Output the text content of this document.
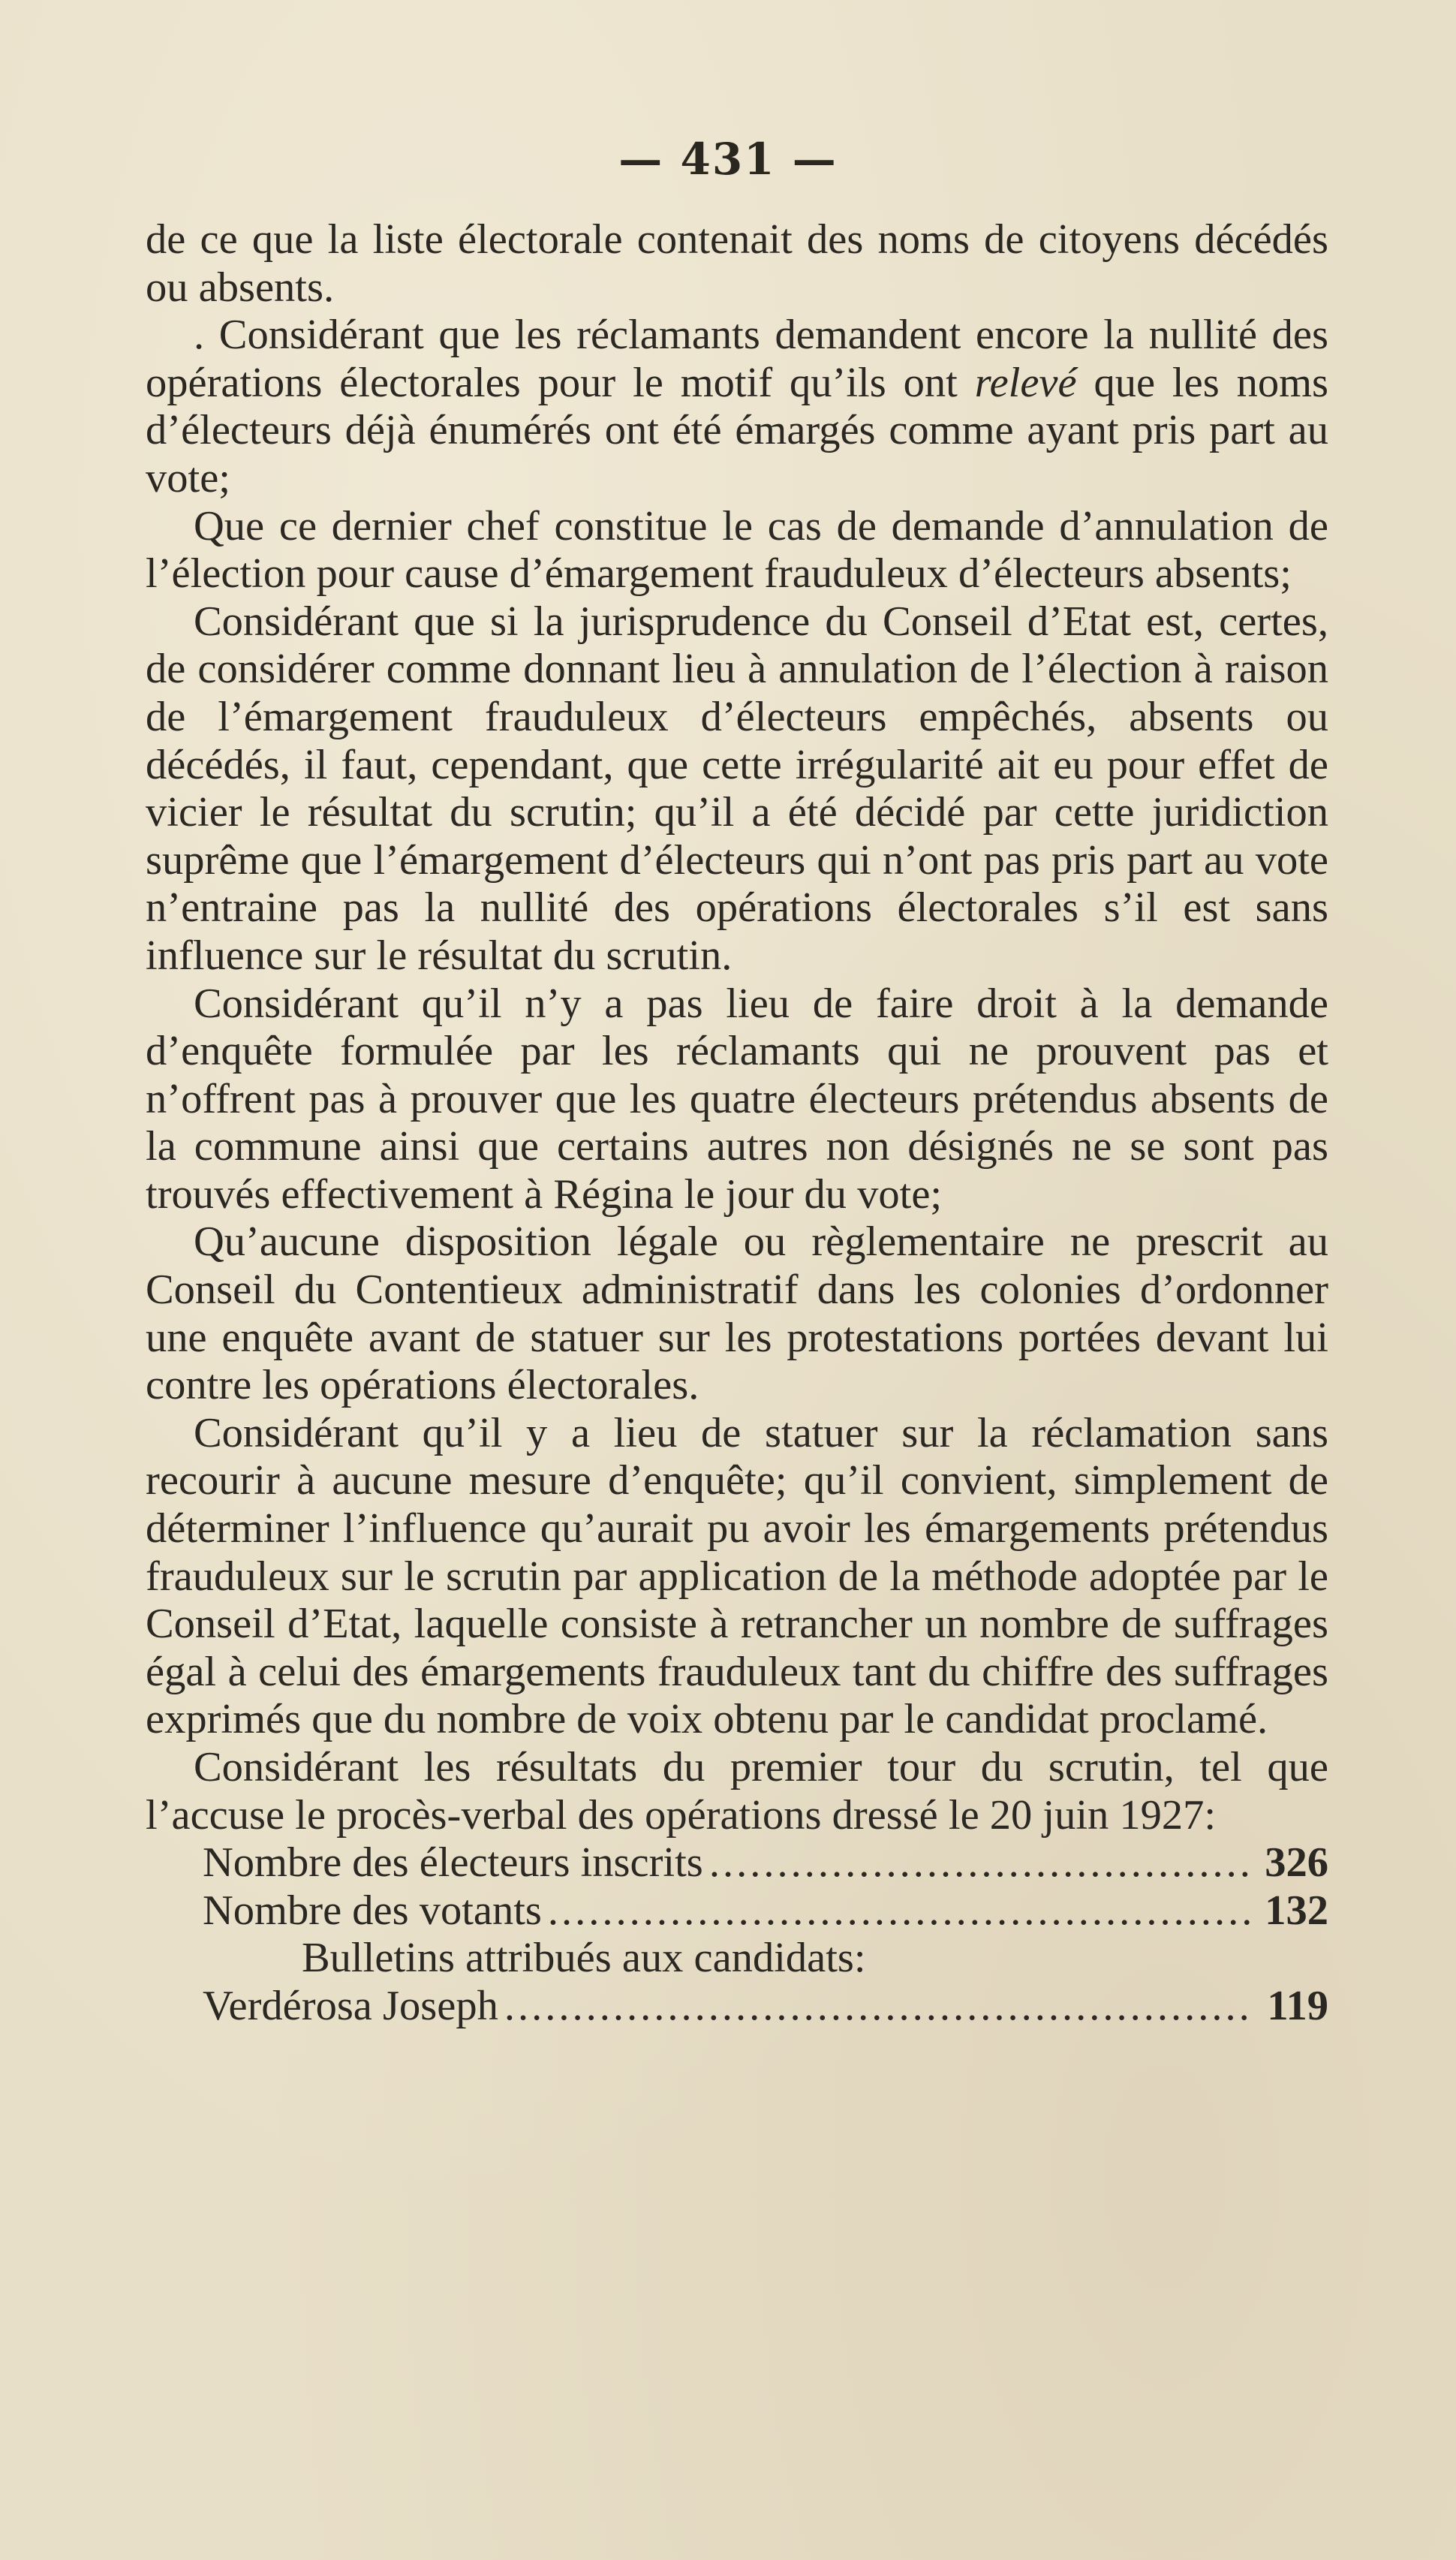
— 431 —

de ce que la liste électorale contenait des noms de citoyens décédés ou absents.

. Considérant que les réclamants demandent encore la nullité des opérations électorales pour le motif qu’ils ont relevé que les noms d’électeurs déjà énumérés ont été émargés comme ayant pris part au vote;

Que ce dernier chef constitue le cas de demande d’annulation de l’élection pour cause d’émargement frauduleux d’électeurs absents;

Considérant que si la jurisprudence du Conseil d’Etat est, certes, de considérer comme donnant lieu à annulation de l’élection à raison de l’émargement frauduleux d’électeurs empêchés, absents ou décédés, il faut, cependant, que cette irrégularité ait eu pour effet de vicier le résultat du scrutin; qu’il a été décidé par cette juridiction suprême que l’émargement d’électeurs qui n’ont pas pris part au vote n’entraine pas la nullité des opérations électorales s’il est sans influence sur le résultat du scrutin.

Considérant qu’il n’y a pas lieu de faire droit à la demande d’enquête formulée par les réclamants qui ne prouvent pas et n’offrent pas à prouver que les quatre électeurs prétendus absents de la commune ainsi que certains autres non désignés ne se sont pas trouvés effectivement à Régina le jour du vote;

Qu’aucune disposition légale ou règlementaire ne prescrit au Conseil du Contentieux administratif dans les colonies d’ordonner une enquête avant de statuer sur les protestations portées devant lui contre les opérations électorales.

Considérant qu’il y a lieu de statuer sur la réclamation sans recourir à aucune mesure d’enquête; qu’il convient, simplement de déterminer l’influence qu’aurait pu avoir les émargements prétendus frauduleux sur le scrutin par application de la méthode adoptée par le Conseil d’Etat, laquelle consiste à retrancher un nombre de suffrages égal à celui des émargements frauduleux tant du chiffre des suffrages exprimés que du nombre de voix obtenu par le candidat proclamé.

Considérant les résultats du premier tour du scrutin, tel que l’accuse le procès-verbal des opérations dressé le 20 juin 1927:

Nombre des électeurs inscrits .....	326
Nombre des votants .....	132
Bulletins attribués aux candidats:
Verdérosa Joseph .....	119
